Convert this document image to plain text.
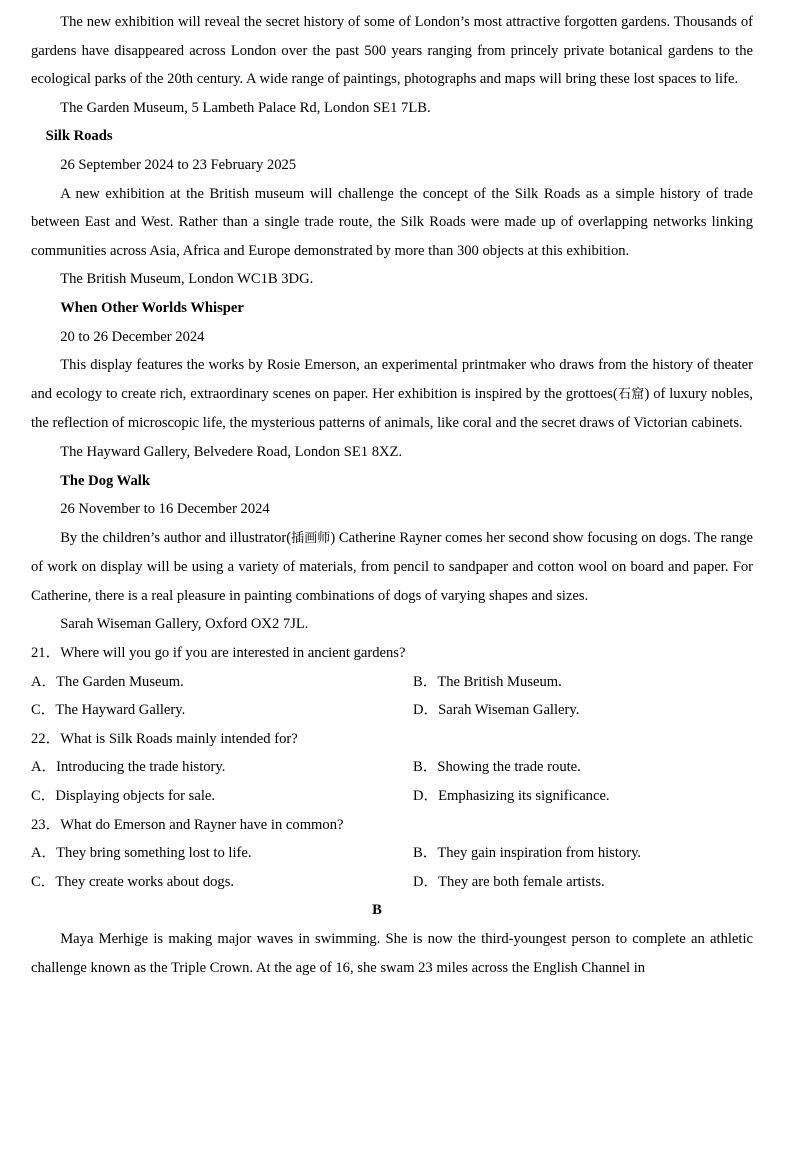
The new exhibition will reveal the secret history of some of London’s most attractive forgotten gardens. Thousands of gardens have disappeared across London over the past 500 years ranging from princely private botanical gardens to the ecological parks of the 20th century. A wide range of paintings, photographs and maps will bring these lost spaces to life.

The Garden Museum, 5 Lambeth Palace Rd, London SE1 7LB.

Silk Roads

26 September 2024 to 23 February 2025

A new exhibition at the British museum will challenge the concept of the Silk Roads as a simple history of trade between East and West. Rather than a single trade route, the Silk Roads were made up of overlapping networks linking communities across Asia, Africa and Europe demonstrated by more than 300 objects at this exhibition.

The British Museum, London WC1B 3DG.

When Other Worlds Whisper

20 to 26 December 2024

This display features the works by Rosie Emerson, an experimental printmaker who draws from the history of theater and ecology to create rich, extraordinary scenes on paper. Her exhibition is inspired by the grottoes(石窟) of luxury nobles, the reflection of microscopic life, the mysterious patterns of animals, like coral and the secret draws of Victorian cabinets.

The Hayward Gallery, Belvedere Road, London SE1 8XZ.

The Dog Walk

26 November to 16 December 2024

By the children’s author and illustrator(插画师) Catherine Rayner comes her second show focusing on dogs. The range of work on display will be using a variety of materials, from pencil to sandpaper and cotton wool on board and paper. For Catherine, there is a real pleasure in painting combinations of dogs of varying shapes and sizes.

Sarah Wiseman Gallery, Oxford OX2 7JL.

21．Where will you go if you are interested in ancient gardens?

A．The Garden Museum.	B．The British Museum.
C．The Hayward Gallery.	D．Sarah Wiseman Gallery.

22．What is Silk Roads mainly intended for?

A．Introducing the trade history.	B．Showing the trade route.
C．Displaying objects for sale.	D．Emphasizing its significance.

23．What do Emerson and Rayner have in common?

A．They bring something lost to life.	B．They gain inspiration from history.
C．They create works about dogs.	D．They are both female artists.

B

Maya Merhige is making major waves in swimming. She is now the third-youngest person to complete an athletic challenge known as the Triple Crown. At the age of 16, she swam 23 miles across the English Channel in
